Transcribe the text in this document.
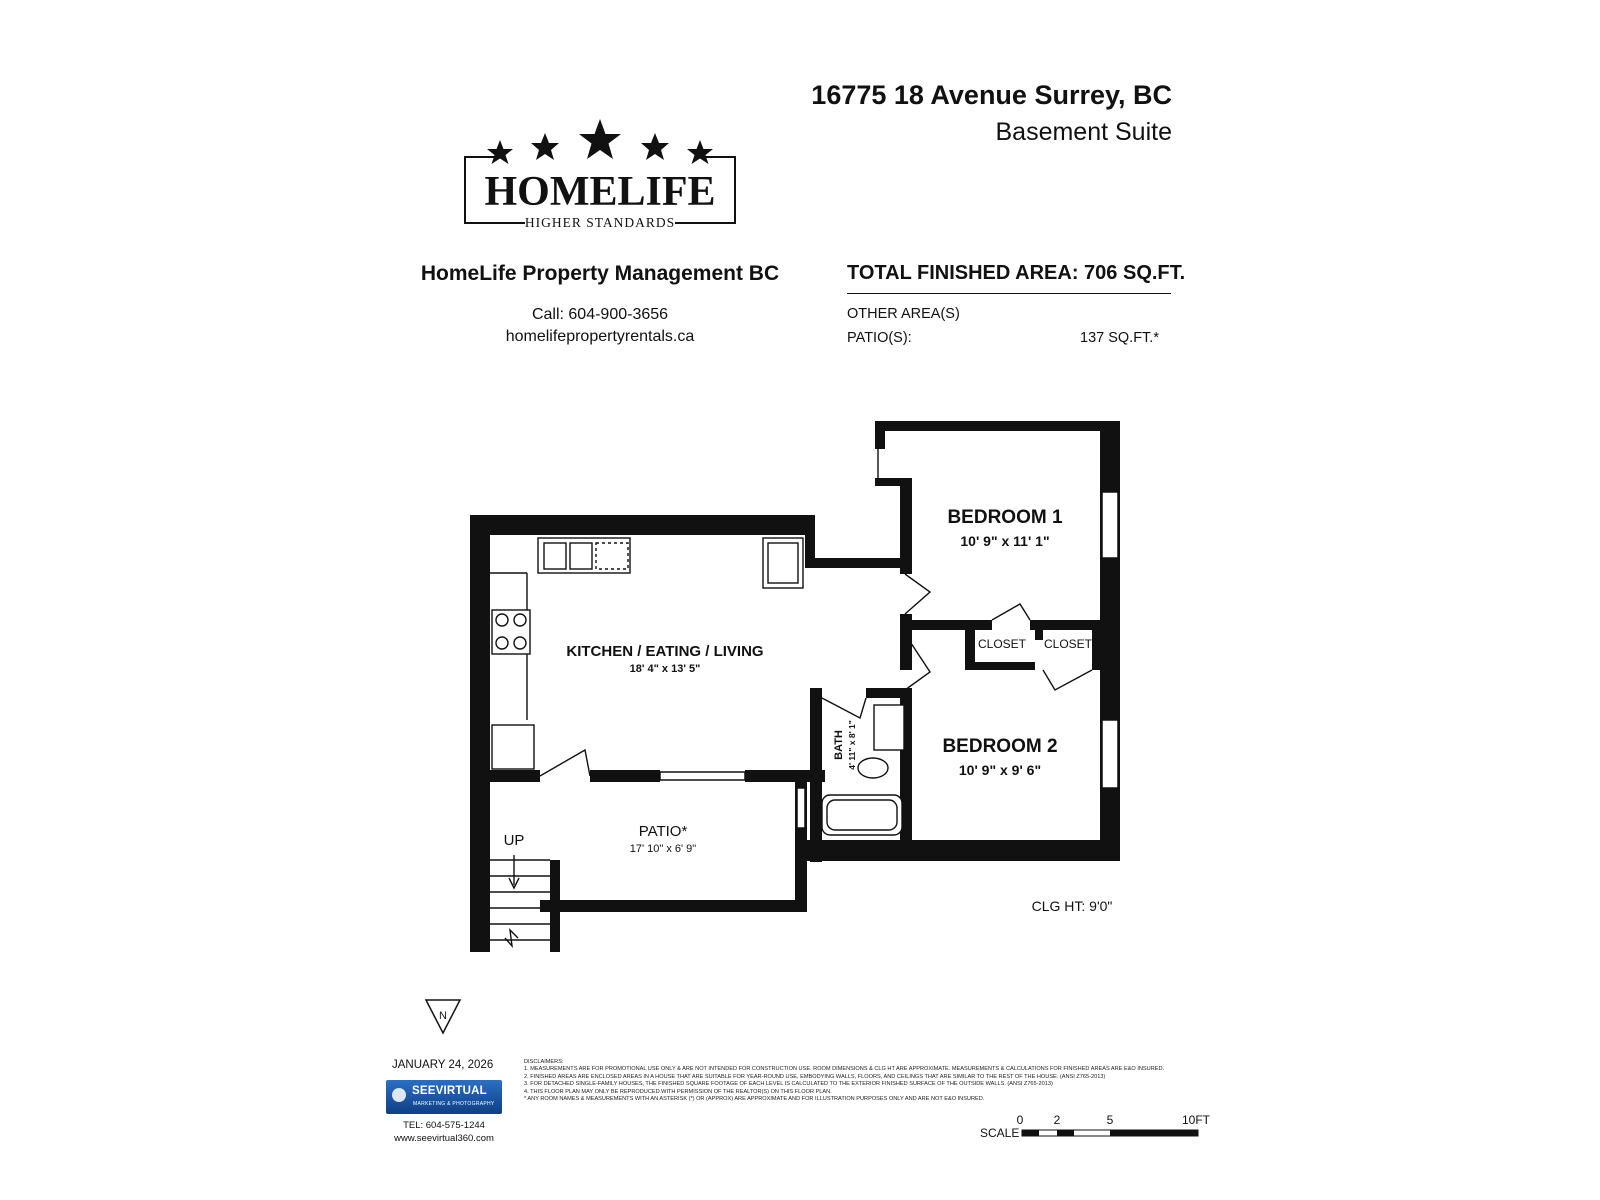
16775 18 Avenue Surrey, BC
Basement Suite
HOMELIFE
HIGHER STANDARDS
HomeLife Property Management BC
Call: 604-900-3656
homelifepropertyrentals.ca
TOTAL FINISHED AREA: 706 SQ.FT.
OTHER AREA(S)
PATIO(S):	137 SQ.FT.*
N
0	2	5	10FT
SCALE
BEDROOM 1
10' 9" x 11' 1"
BEDROOM 2
10' 9" x 9' 6"
KITCHEN / EATING / LIVING
18' 4" x 13' 5"
CLOSET CLOSET
PATIO*
17' 10" x 6' 9"
UP
BATH 4' 11" x 8' 1"
CLG HT: 9'0"
JANUARY 24, 2026
SEEVIRTUAL
MARKETING & PHOTOGRAPHY
TEL: 604-575-1244
www.seevirtual360.com
DISCLAIMERS:
1. MEASUREMENTS ARE FOR PROMOTIONAL USE ONLY & ARE NOT INTENDED FOR CONSTRUCTION USE. ROOM DIMENSIONS & CLG HT ARE APPROXIMATE. MEASUREMENTS & CALCULATIONS FOR FINISHED AREAS ARE E&O INSURED.
2. FINISHED AREAS ARE ENCLOSED AREAS IN A HOUSE THAT ARE SUITABLE FOR YEAR-ROUND USE, EMBODYING WALLS, FLOORS, AND CEILINGS THAT ARE SIMILAR TO THE REST OF THE HOUSE. (ANSI Z765-2013)
3. FOR DETACHED SINGLE-FAMILY HOUSES, THE FINISHED SQUARE FOOTAGE OF EACH LEVEL IS CALCULATED TO THE EXTERIOR FINISHED SURFACE OF THE OUTSIDE WALLS. (ANSI Z765-2013)
4. THIS FLOOR PLAN MAY ONLY BE REPRODUCED WITH PERMISSION OF THE REALTOR(S) ON THIS FLOOR PLAN.
* ANY ROOM NAMES & MEASUREMENTS WITH AN ASTERISK (*) OR (APPROX) ARE APPROXIMATE AND FOR ILLUSTRATION PURPOSES ONLY AND ARE NOT E&O INSURED.
